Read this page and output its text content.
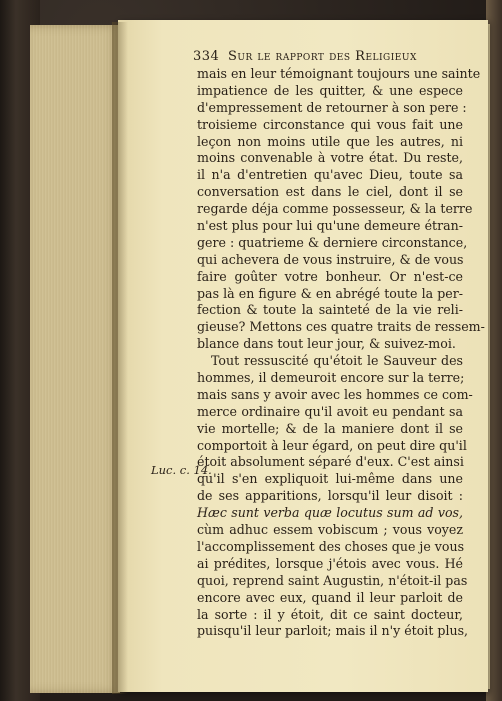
334 Sur le rapport des Religieux
Luc. c. 14.
mais en leur témoignant toujours une sainte
impatience de les quitter, & une espece
d'empressement de retourner à son pere :
troisieme circonstance qui vous fait une
leçon non moins utile que les autres, ni
moins convenable à votre état. Du reste,
il n'a d'entretien qu'avec Dieu, toute sa
conversation est dans le ciel, dont il se
regarde déja comme possesseur, & la terre
n'est plus pour lui qu'une demeure étran-
gere : quatrieme & derniere circonstance,
qui achevera de vous instruire, & de vous
faire goûter votre bonheur. Or n'est-ce
pas là en figure & en abrégé toute la per-
fection & toute la sainteté de la vie reli-
gieuse? Mettons ces quatre traits de ressem-
blance dans tout leur jour, & suivez-moi.
Tout ressuscité qu'étoit le Sauveur des
hommes, il demeuroit encore sur la terre;
mais sans y avoir avec les hommes ce com-
merce ordinaire qu'il avoit eu pendant sa
vie mortelle; & de la maniere dont il se
comportoit à leur égard, on peut dire qu'il
étoit absolument séparé d'eux. C'est ainsi
qu'il s'en expliquoit lui-même dans une
de ses apparitions, lorsqu'il leur disoit :
Hæc sunt verba quæ locutus sum ad vos,
cùm adhuc essem vobiscum ; vous voyez
l'accomplissement des choses que je vous
ai prédites, lorsque j'étois avec vous. Hé
quoi, reprend saint Augustin, n'étoit-il pas
encore avec eux, quand il leur parloit de
la sorte : il y étoit, dit ce saint docteur,
puisqu'il leur parloit; mais il n'y étoit plus,
